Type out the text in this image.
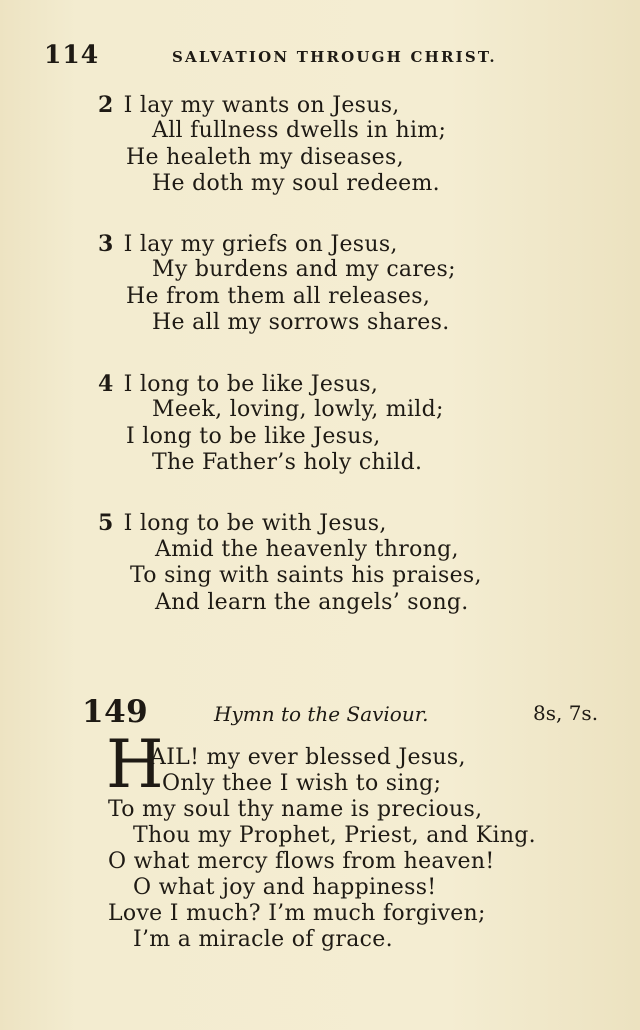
114	SALVATION THROUGH CHRIST.
2 I lay my wants on Jesus,
All fullness dwells in him;
He healeth my diseases,
He doth my soul redeem.
3 I lay my griefs on Jesus,
My burdens and my cares;
He from them all releases,
He all my sorrows shares.
4 I long to be like Jesus,
Meek, loving, lowly, mild;
I long to be like Jesus,
The Father’s holy child.
5 I long to be with Jesus,
Amid the heavenly throng,
To sing with saints his praises,
And learn the angels’ song.
149	Hymn to the Saviour.	8s, 7s.
H
AIL! my ever blessed Jesus,
Only thee I wish to sing;
To my soul thy name is precious,
Thou my Prophet, Priest, and King.
O what mercy flows from heaven!
O what joy and happiness!
Love I much? I’m much forgiven;
I’m a miracle of grace.
